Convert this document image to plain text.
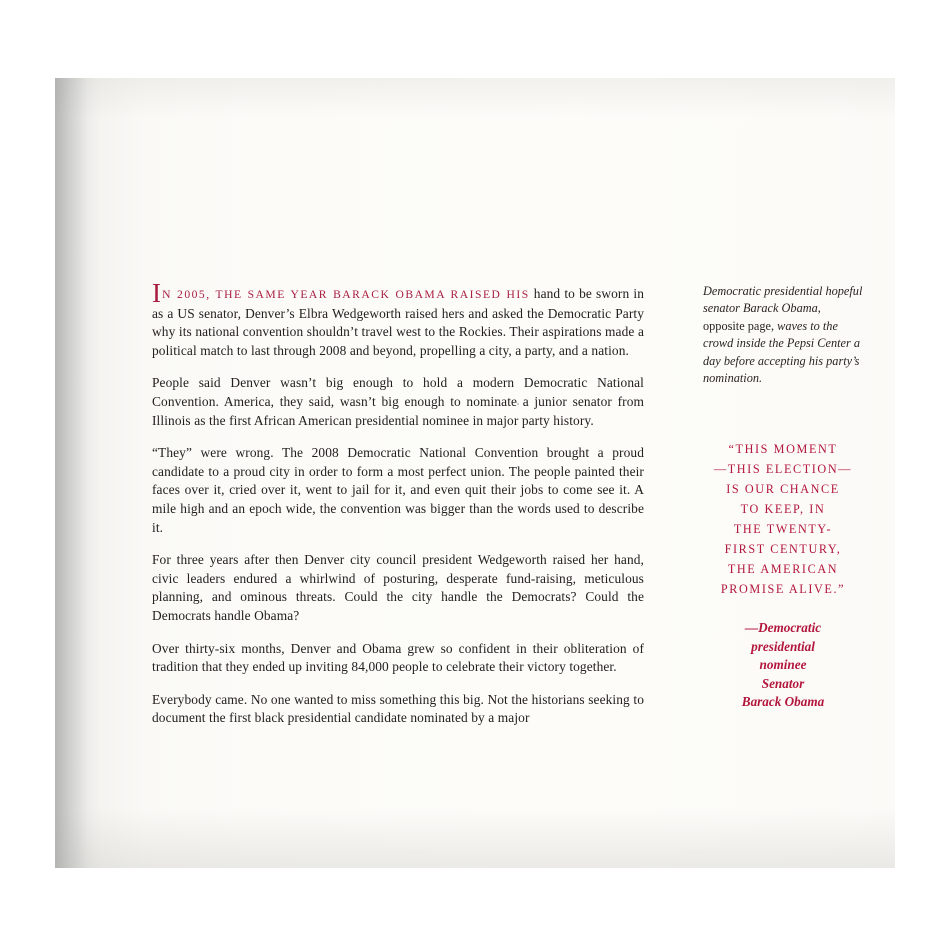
IN 2005, THE SAME YEAR BARACK OBAMA RAISED HIS hand to be sworn in as a US senator, Denver’s Elbra Wedgeworth raised hers and asked the Democratic Party why its national convention shouldn’t travel west to the Rockies. Their aspirations made a political match to last through 2008 and beyond, propelling a city, a party, and a nation.

People said Denver wasn’t big enough to hold a modern Democratic National Convention. America, they said, wasn’t big enough to nominate a junior senator from Illinois as the first African American presidential nominee in major party history.

“They” were wrong. The 2008 Democratic National Convention brought a proud candidate to a proud city in order to form a most perfect union. The people painted their faces over it, cried over it, went to jail for it, and even quit their jobs to come see it. A mile high and an epoch wide, the convention was bigger than the words used to describe it.

For three years after then Denver city council president Wedgeworth raised her hand, civic leaders endured a whirlwind of posturing, desperate fund-raising, meticulous planning, and ominous threats. Could the city handle the Democrats? Could the Democrats handle Obama?

Over thirty-six months, Denver and Obama grew so confident in their obliteration of tradition that they ended up inviting 84,000 people to celebrate their victory together.

Everybody came. No one wanted to miss something this big. Not the historians seeking to document the first black presidential candidate nominated by a major

Democratic presidential hopeful senator Barack Obama, opposite page, waves to the crowd inside the Pepsi Center a day before accepting his party’s nomination.

“THIS MOMENT
—THIS ELECTION—
IS OUR CHANCE
TO KEEP, IN
THE TWENTY-
FIRST CENTURY,
THE AMERICAN
PROMISE ALIVE.”
—Democratic
presidential
nominee
Senator
Barack Obama
